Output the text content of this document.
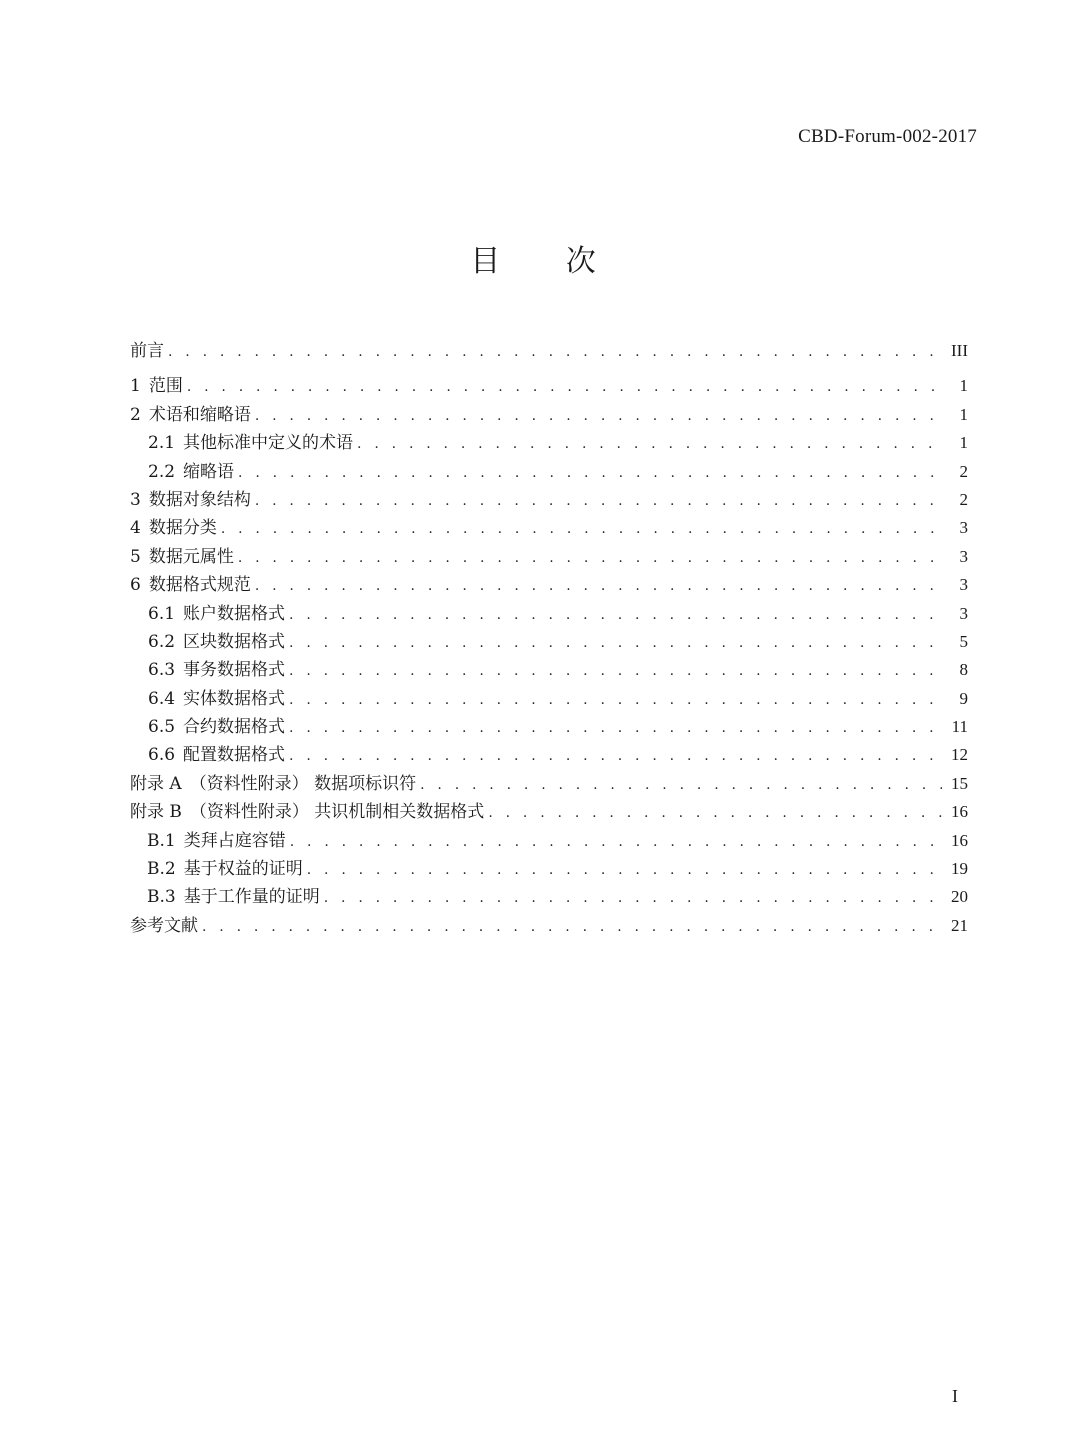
CBD-Forum-002-2017
目 次
前言 . . .	III
1 范围 . . .	1
2 术语和缩略语 . . .	1
2.1 其他标准中定义的术语 . . .	1
2.2 缩略语 . . .	2
3 数据对象结构 . . .	2
4 数据分类 . . .	3
5 数据元属性 . . .	3
6 数据格式规范 . . .	3
6.1 账户数据格式 . . .	3
6.2 区块数据格式 . . .	5
6.3 事务数据格式 . . .	8
6.4 实体数据格式 . . .	9
6.5 合约数据格式 . . .	11
6.6 配置数据格式 . . .	12
附录 A （资料性附录） 数据项标识符 . . .	15
附录 B （资料性附录） 共识机制相关数据格式 . . .	16
B.1 类拜占庭容错 . . .	16
B.2 基于权益的证明 . . .	19
B.3 基于工作量的证明 . . .	20
参考文献 . . .	21
I
